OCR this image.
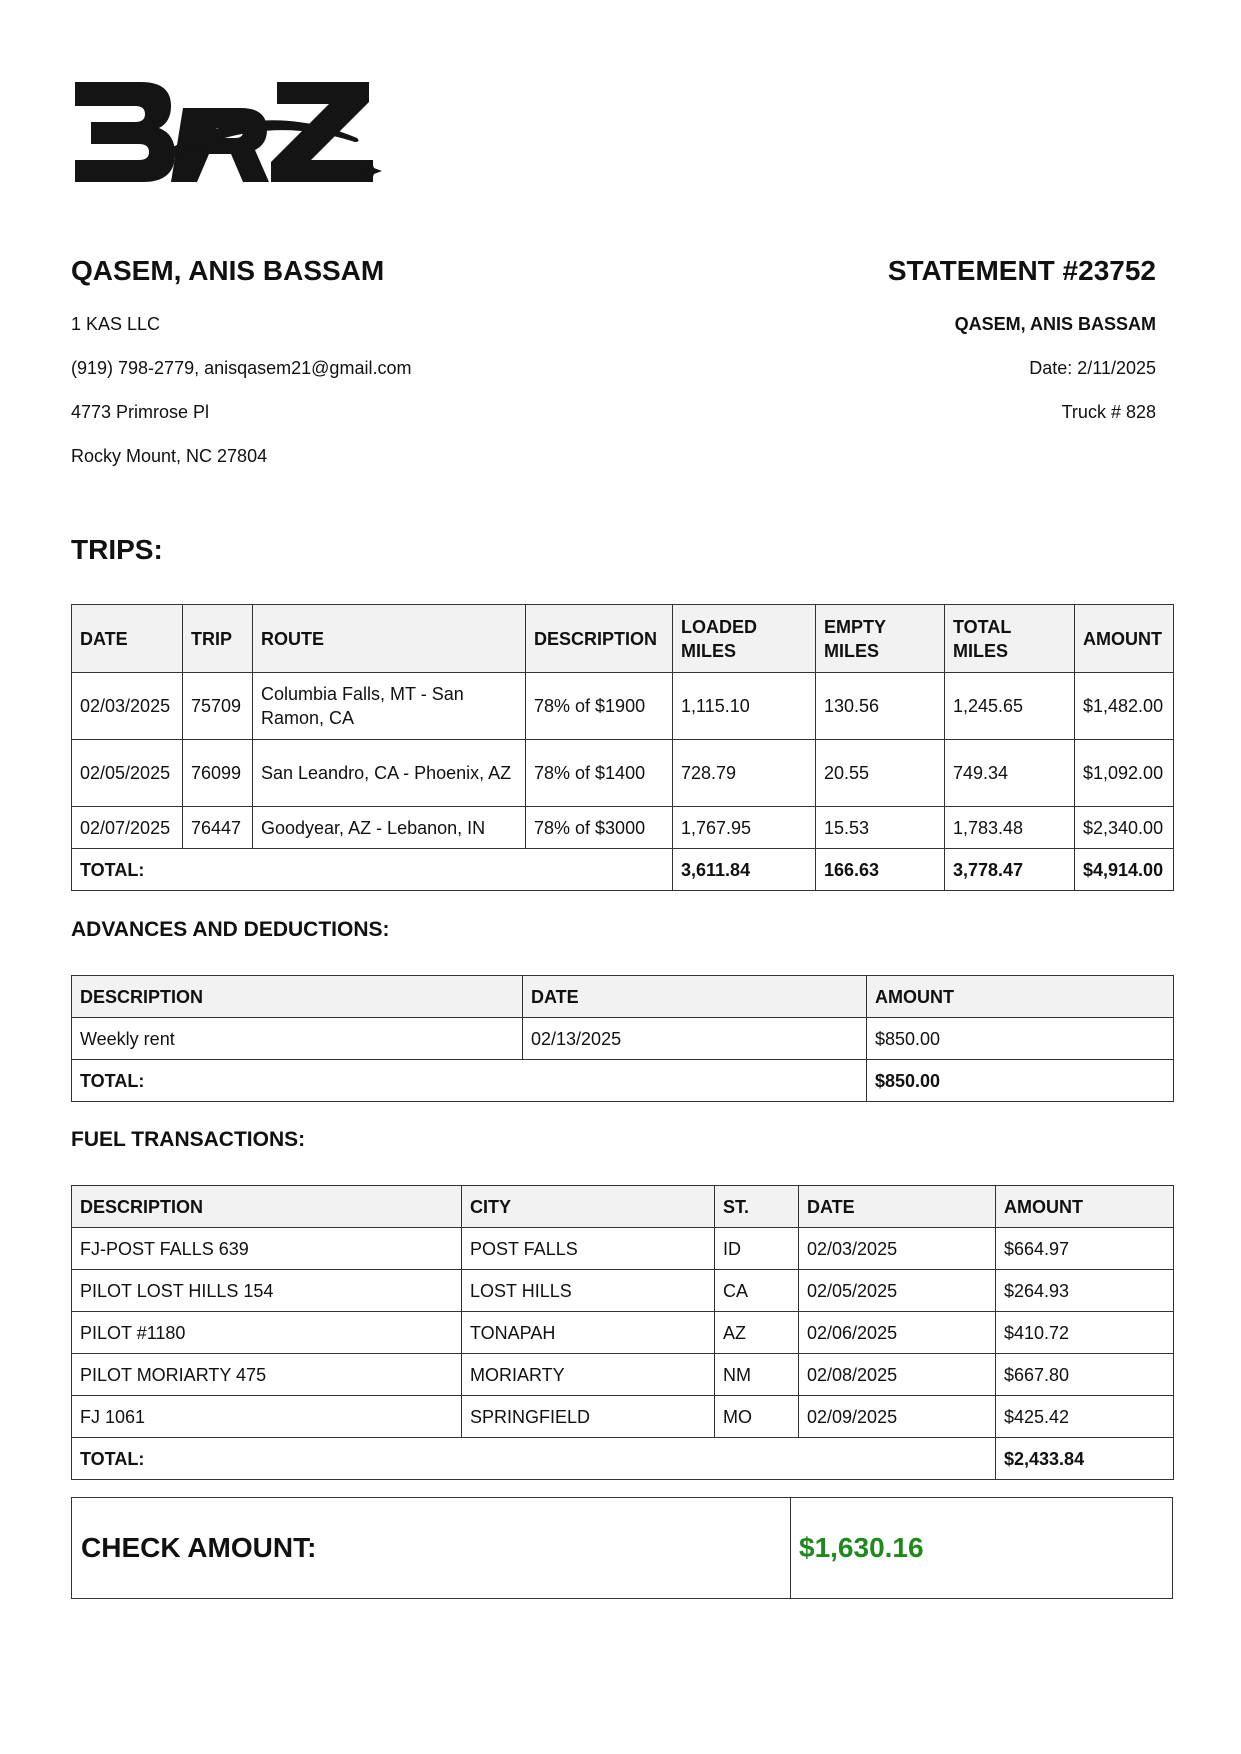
QASEM, ANIS BASSAM

1 KAS LLC

(919) 798-2779, anisqasem21@gmail.com

4773 Primrose Pl

Rocky Mount, NC 27804

STATEMENT #23752

QASEM, ANIS BASSAM

Date: 2/11/2025

Truck # 828

TRIPS:
DATE	TRIP	ROUTE	DESCRIPTION	LOADED MILES	EMPTY MILES	TOTAL MILES	AMOUNT
02/03/2025	75709	Columbia Falls, MT - San Ramon, CA	78% of $1900	1,115.10	130.56	1,245.65	$1,482.00
02/05/2025	76099	San Leandro, CA - Phoenix, AZ	78% of $1400	728.79	20.55	749.34	$1,092.00
02/07/2025	76447	Goodyear, AZ - Lebanon, IN	78% of $3000	1,767.95	15.53	1,783.48	$2,340.00
TOTAL:				3,611.84	166.63	3,778.47	$4,914.00
ADVANCES AND DEDUCTIONS:
DESCRIPTION	DATE	AMOUNT
Weekly rent	02/13/2025	$850.00
TOTAL:		$850.00
FUEL TRANSACTIONS:
DESCRIPTION	CITY	ST.	DATE	AMOUNT
FJ-POST FALLS 639	POST FALLS	ID	02/03/2025	$664.97
PILOT LOST HILLS 154	LOST HILLS	CA	02/05/2025	$264.93
PILOT #1180	TONAPAH	AZ	02/06/2025	$410.72
PILOT MORIARTY 475	MORIARTY	NM	02/08/2025	$667.80
FJ 1061	SPRINGFIELD	MO	02/09/2025	$425.42
TOTAL:				$2,433.84
CHECK AMOUNT:	$1,630.16
